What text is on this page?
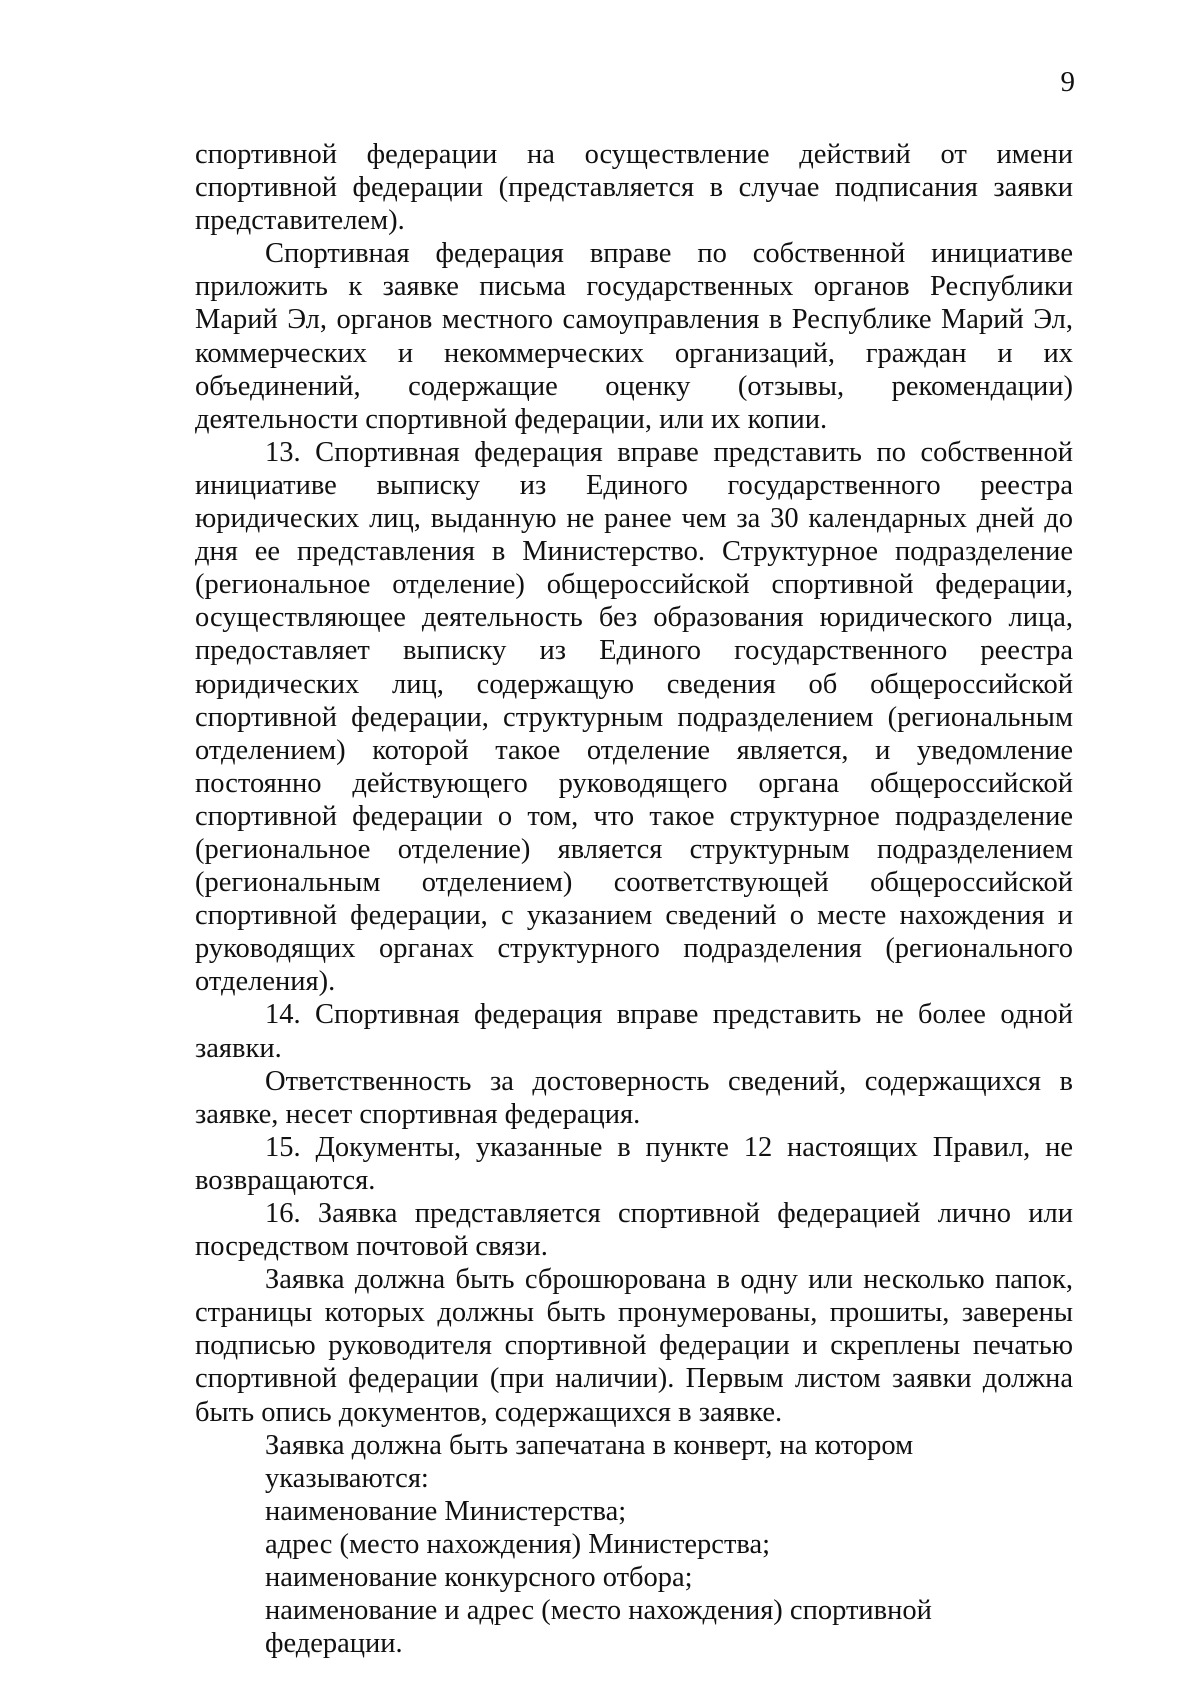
9

спортивной федерации на осуществление действий от имени спортивной федерации (представляется в случае подписания заявки представителем).

Спортивная федерация вправе по собственной инициативе приложить к заявке письма государственных органов Республики Марий Эл, органов местного самоуправления в Республике Марий Эл, коммерческих и некоммерческих организаций, граждан и их объединений, содержащие оценку (отзывы, рекомендации) деятельности спортивной федерации, или их копии.

13. Спортивная федерация вправе представить по собственной инициативе выписку из Единого государственного реестра юридических лиц, выданную не ранее чем за 30 календарных дней до дня ее представления в Министерство. Структурное подразделение (региональное отделение) общероссийской спортивной федерации, осуществляющее деятельность без образования юридического лица, предоставляет выписку из Единого государственного реестра юридических лиц, содержащую сведения об общероссийской спортивной федерации, структурным подразделением (региональным отделением) которой такое отделение является, и уведомление постоянно действующего руководящего органа общероссийской спортивной федерации о том, что такое структурное подразделение (региональное отделение) является структурным подразделением (региональным отделением) соответствующей общероссийской спортивной федерации, с указанием сведений о месте нахождения и руководящих органах структурного подразделения (регионального отделения).

14. Спортивная федерация вправе представить не более одной заявки.

Ответственность за достоверность сведений, содержащихся в заявке, несет спортивная федерация.

15. Документы, указанные в пункте 12 настоящих Правил, не возвращаются.

16. Заявка представляется спортивной федерацией лично или посредством почтовой связи.

Заявка должна быть сброшюрована в одну или несколько папок, страницы которых должны быть пронумерованы, прошиты, заверены подписью руководителя спортивной федерации и скреплены печатью спортивной федерации (при наличии). Первым листом заявки должна быть опись документов, содержащихся в заявке.

Заявка должна быть запечатана в конверт, на котором указываются:

наименование Министерства;

адрес (место нахождения) Министерства;

наименование конкурсного отбора;

наименование и адрес (место нахождения) спортивной федерации.
